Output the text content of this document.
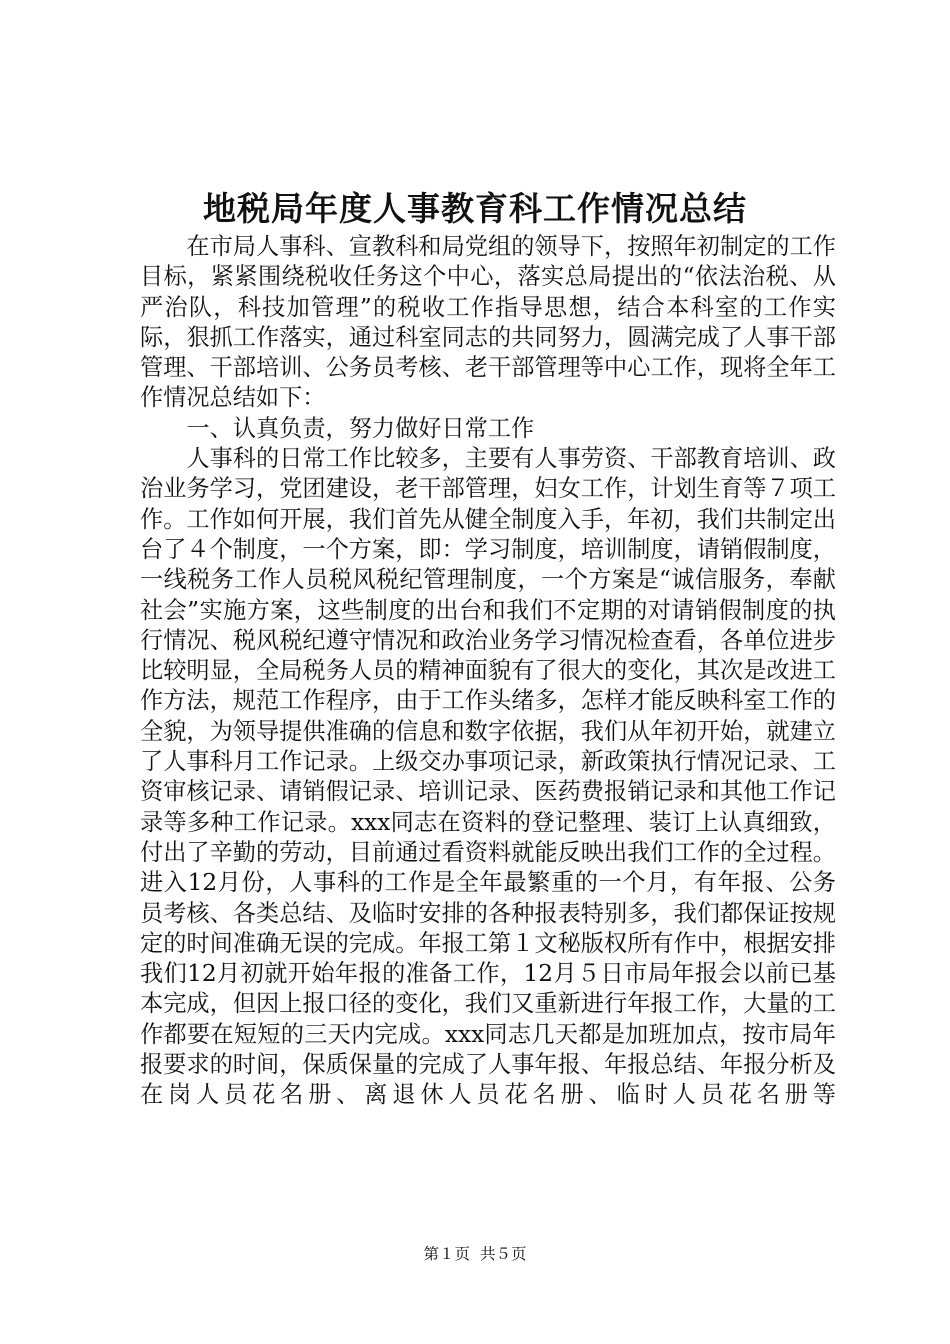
地税局年度人事教育科工作情况总结

在市局人事科、宣教科和局党组的领导下，按照年初制定的工作目标，紧紧围绕税收任务这个中心，落实总局提出的“依法治税、从严治队，科技加管理”的税收工作指导思想，结合本科室的工作实际，狠抓工作落实，通过科室同志的共同努力，圆满完成了人事干部管理、干部培训、公务员考核、老干部管理等中心工作，现将全年工作情况总结如下：

一、认真负责，努力做好日常工作

人事科的日常工作比较多，主要有人事劳资、干部教育培训、政治业务学习，党团建设，老干部管理，妇女工作，计划生育等７项工作。工作如何开展，我们首先从健全制度入手，年初，我们共制定出台了４个制度，一个方案，即：学习制度，培训制度，请销假制度，一线税务工作人员税风税纪管理制度，一个方案是“诚信服务，奉献社会”实施方案，这些制度的出台和我们不定期的对请销假制度的执行情况、税风税纪遵守情况和政治业务学习情况检查看，各单位进步比较明显，全局税务人员的精神面貌有了很大的变化，其次是改进工作方法，规范工作程序，由于工作头绪多，怎样才能反映科室工作的全貌，为领导提供准确的信息和数字依据，我们从年初开始，就建立了人事科月工作记录。上级交办事项记录，新政策执行情况记录、工资审核记录、请销假记录、培训记录、医药费报销记录和其他工作记录等多种工作记录。xxx同志在资料的登记整理、装订上认真细致，付出了辛勤的劳动，目前通过看资料就能反映出我们工作的全过程。进入12月份，人事科的工作是全年最繁重的一个月，有年报、公务员考核、各类总结、及临时安排的各种报表特别多，我们都保证按规定的时间准确无误的完成。年报工第１文秘版权所有作中，根据安排我们12月初就开始年报的准备工作，12月５日市局年报会以前已基本完成，但因上报口径的变化，我们又重新进行年报工作，大量的工作都要在短短的三天内完成。xxx同志几天都是加班加点，按市局年报要求的时间，保质保量的完成了人事年报、年报总结、年报分析及在岗人员花名册、离退休人员花名册、临时人员花名册等

第１页 共５页
